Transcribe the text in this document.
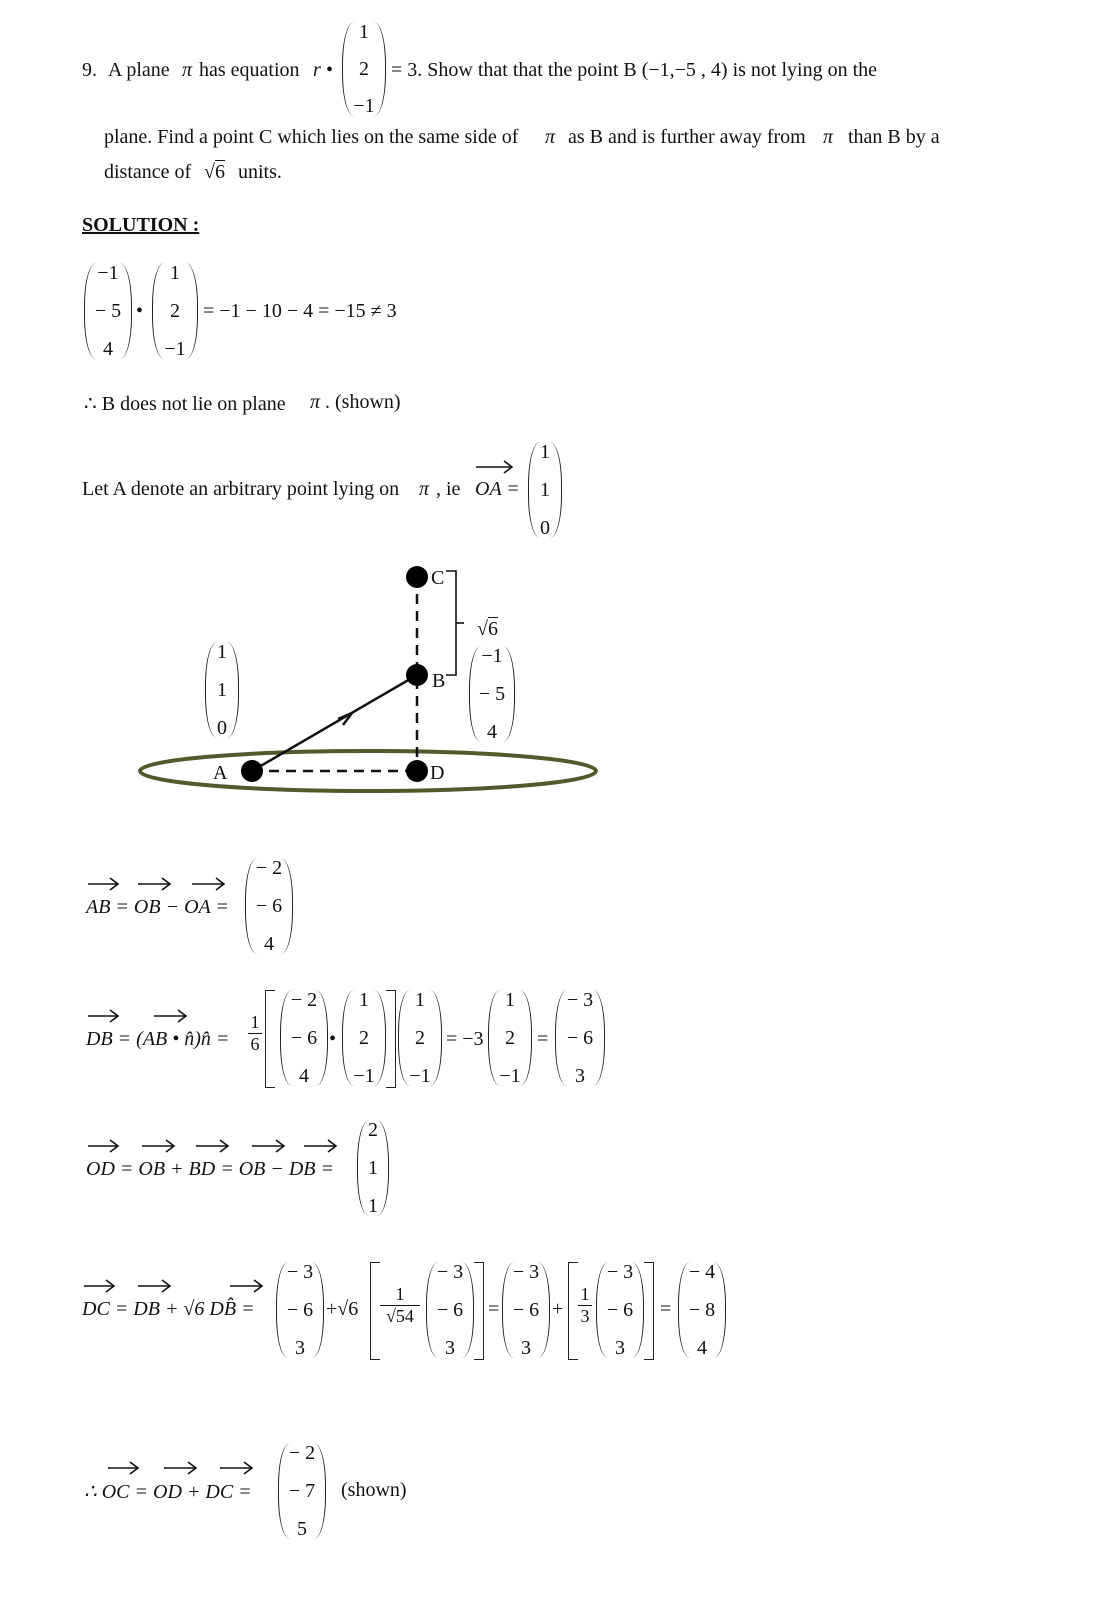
9. A plane π has equation r •
1
2
−1
= 3. Show that that the point B (−1,−5 , 4) is not lying on the
plane. Find a point C which lies on the same side of π as B and is further away from π than B by a
distance of √6 units.
SOLUTION :
−1
− 5
4
•
1
2
−1
= −1 − 10 − 4 = −15 ≠ 3
∴ B does not lie on plane π . (shown)
Let A denote an arbitrary point lying on π , ie OA =
1
1
0
A	D
B
C
√6
1
1
0
−1
− 5
4
AB = OB − OA =
− 2
− 6
4
DB = (AB • n̂)n̂ = $\frac{1}{6}$
− 2
− 6
4
•
1
2
−1
1
2
−1
= −3
1
2
−1
=
− 3
− 6
3
OD = OB + BD = OB − DB =
2
1
1
DC = DB + √6 DB̂ =
− 3
− 6
3
$+√6 \frac{1}{√54}$
− 3
− 6
3
=
− 3
− 6
3
+ $\frac{1}{3}$
− 3
− 6
3
=
− 4
− 8
4
∴ OC = OD + DC =
− 2
− 7
5
(shown)
